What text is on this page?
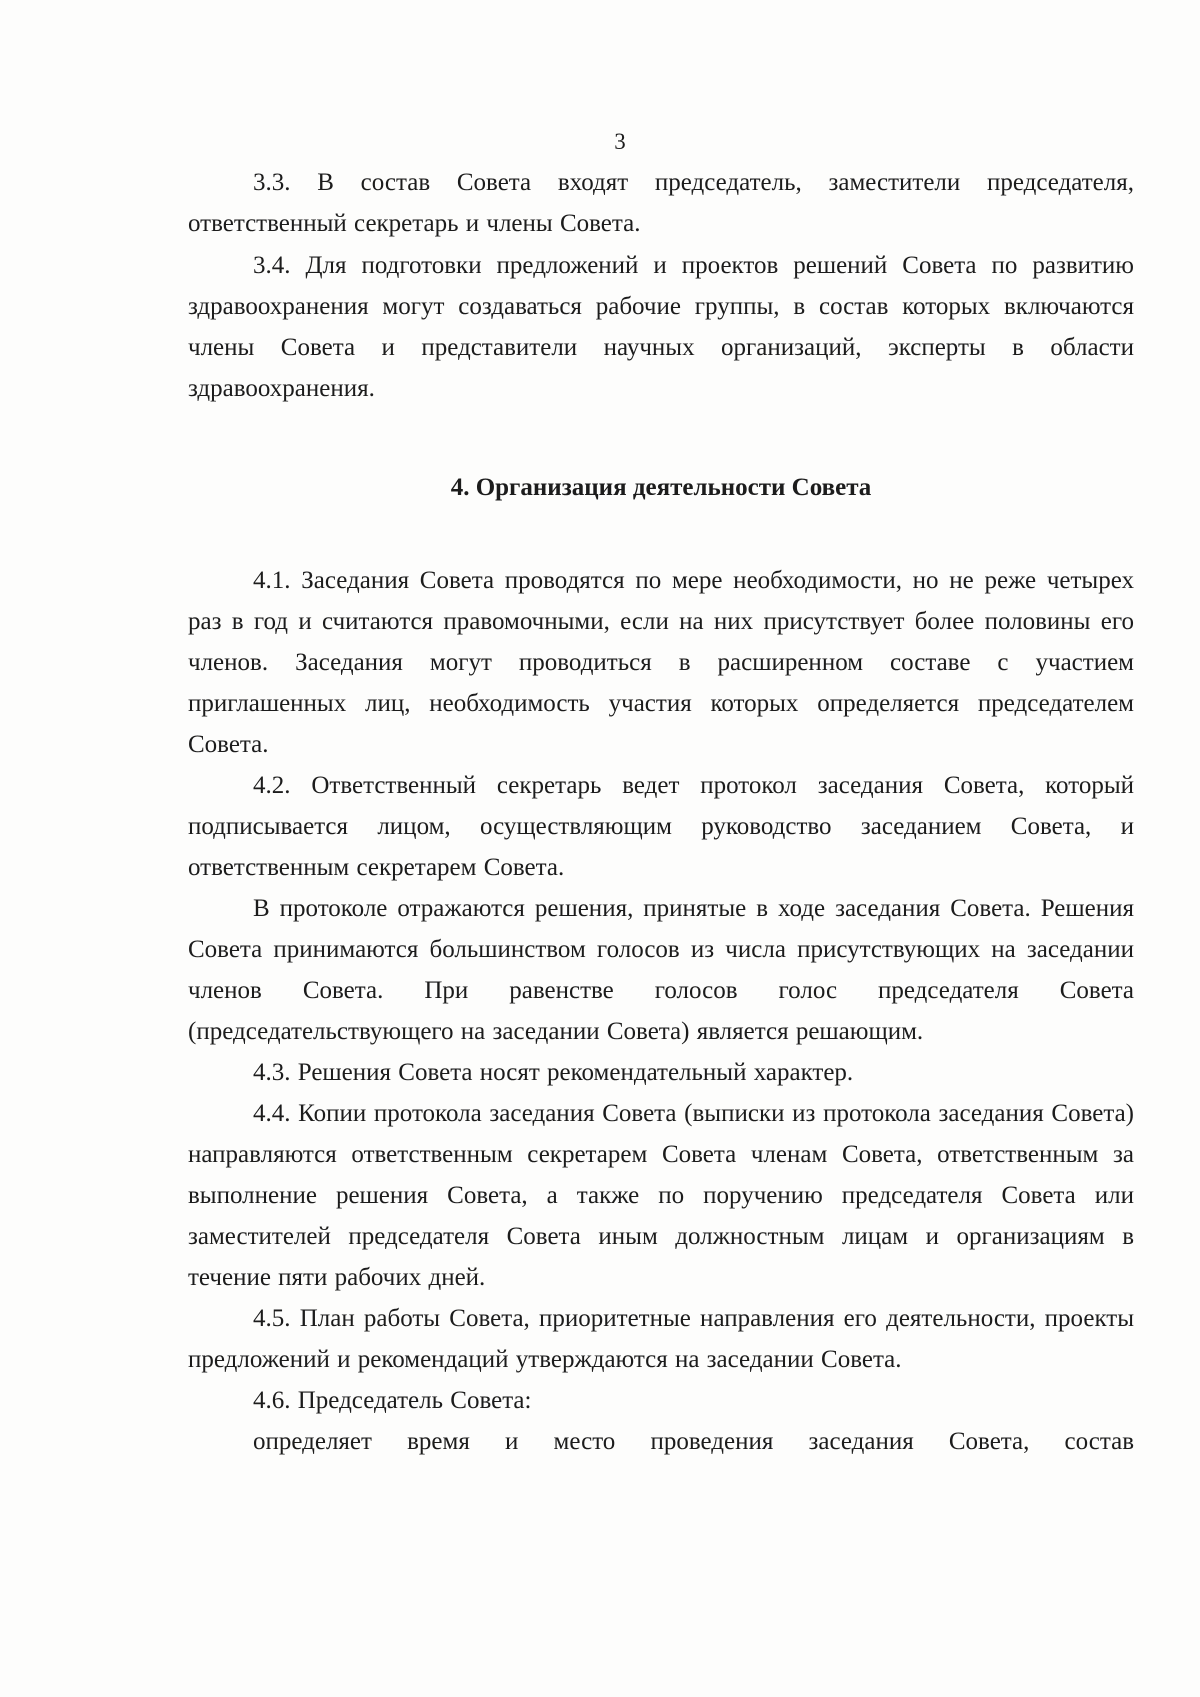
3

3.3. В состав Совета входят председатель, заместители председателя, ответственный секретарь и члены Совета.

3.4. Для подготовки предложений и проектов решений Совета по развитию здравоохранения могут создаваться рабочие группы, в состав которых включаются члены Совета и представители научных организаций, эксперты в области здравоохранения.

4. Организация деятельности Совета

4.1. Заседания Совета проводятся по мере необходимости, но не реже четырех раз в год и считаются правомочными, если на них присутствует более половины его членов. Заседания могут проводиться в расширенном составе с участием приглашенных лиц, необходимость участия которых определяется председателем Совета.

4.2. Ответственный секретарь ведет протокол заседания Совета, который подписывается лицом, осуществляющим руководство заседанием Совета, и ответственным секретарем Совета.

В протоколе отражаются решения, принятые в ходе заседания Совета. Решения Совета принимаются большинством голосов из числа присутствующих на заседании членов Совета. При равенстве голосов голос председателя Совета (председательствующего на заседании Совета) является решающим.

4.3. Решения Совета носят рекомендательный характер.

4.4. Копии протокола заседания Совета (выписки из протокола заседания Совета) направляются ответственным секретарем Совета членам Совета, ответственным за выполнение решения Совета, а также по поручению председателя Совета или заместителей председателя Совета иным должностным лицам и организациям в течение пяти рабочих дней.

4.5. План работы Совета, приоритетные направления его деятельности, проекты предложений и рекомендаций утверждаются на заседании Совета.

4.6. Председатель Совета:

определяет время и место проведения заседания Совета, состав
